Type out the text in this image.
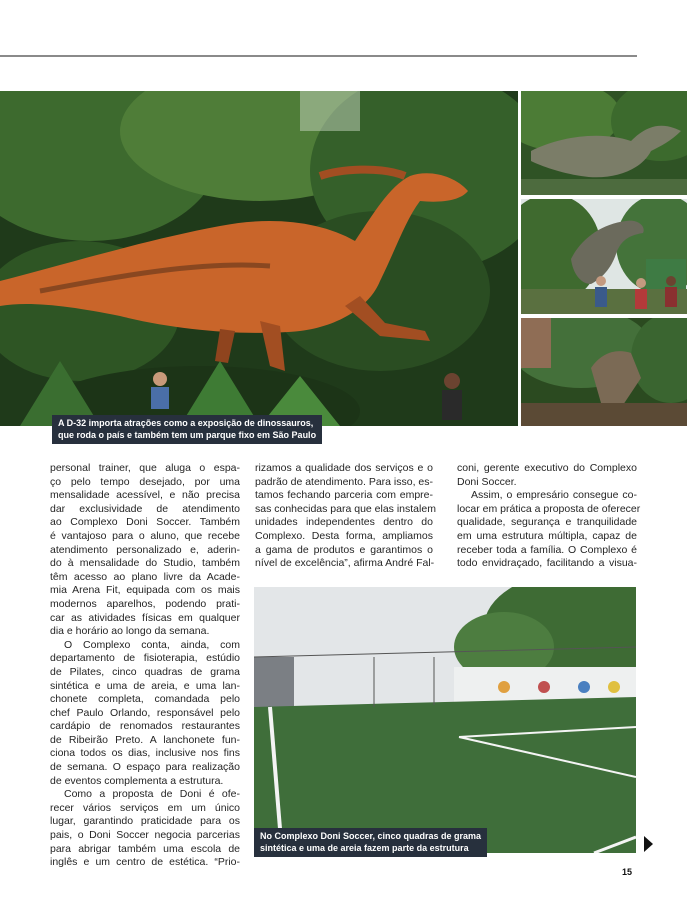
A D-32 importa atrações como a exposição de dinossauros,
que roda o país e também tem um parque fixo em São Paulo
personal trainer, que aluga o espa-
ço pelo tempo desejado, por uma
mensalidade acessível, e não precisa
dar exclusividade de atendimento
ao Complexo Doni Soccer. Também
é vantajoso para o aluno, que recebe
atendimento personalizado e, aderin-
do à mensalidade do Studio, também
têm acesso ao plano livre da Acade-
mia Arena Fit, equipada com os mais
modernos aparelhos, podendo prati-
car as atividades físicas em qualquer
dia e horário ao longo da semana.
O Complexo conta, ainda, com
departamento de fisioterapia, estúdio
de Pilates, cinco quadras de grama
sintética e uma de areia, e uma lan-
chonete completa, comandada pelo
chef Paulo Orlando, responsável pelo
cardápio de renomados restaurantes
de Ribeirão Preto. A lanchonete fun-
ciona todos os dias, inclusive nos fins
de semana. O espaço para realização
de eventos complementa a estrutura.
Como a proposta de Doni é ofe-
recer vários serviços em um único
lugar, garantindo praticidade para os
pais, o Doni Soccer negocia parcerias
para abrigar também uma escola de
inglês e um centro de estética. “Prio-
rizamos a qualidade dos serviços e o
padrão de atendimento. Para isso, es-
tamos fechando parceria com empre-
sas conhecidas para que elas instalem
unidades independentes dentro do
Complexo. Desta forma, ampliamos
a gama de produtos e garantimos o
nível de excelência”, afirma André Fal-
coni, gerente executivo do Complexo
Doni Soccer.
Assim, o empresário consegue co-
locar em prática a proposta de oferecer
qualidade, segurança e tranquilidade
em uma estrutura múltipla, capaz de
receber toda a família. O Complexo é
todo envidraçado, facilitando a visua-
No Complexo Doni Soccer, cinco quadras de grama
sintética e uma de areia fazem parte da estrutura
15
